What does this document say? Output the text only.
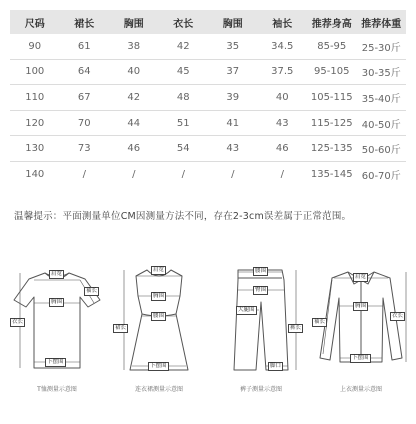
尺码	裙长	胸围	衣长	胸围	袖长	推荐身高	推荐体重
90	61	38	42	35	34.5	85-95	25-30斤
100	64	40	45	37	37.5	95-105	30-35斤
110	67	42	48	39	40	105-115	35-40斤
120	70	44	51	41	43	115-125	40-50斤
130	73	46	54	43	46	125-135	50-60斤
140	/	/	/	/	/	135-145	60-70斤
温馨提示：平面测量单位CM因测量方法不同，存在2-3cm误差属于正常范围。
肩宽
胸围
袖长
衣长
下摆围
T恤测量示意图
肩宽
胸围
腰围
裙长
下摆围
连衣裙测量示意图
腰围
臀围
大腿围
裤长
脚口
裤子测量示意图
肩宽
胸围
袖长
衣长
下摆围
上衣测量示意图
